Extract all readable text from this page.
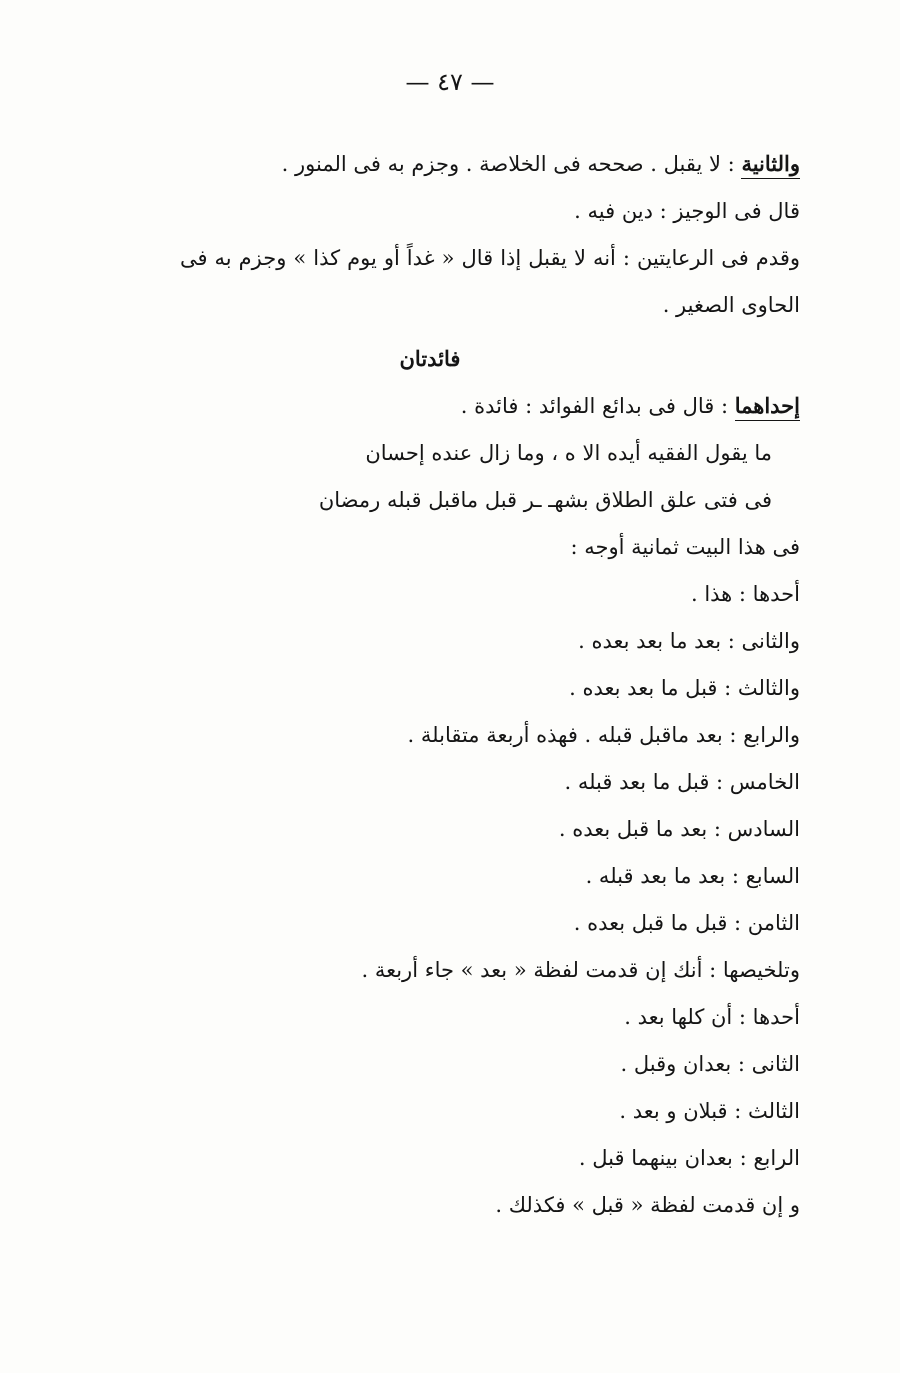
— ٤٧ —

والثانية : لا يقبل . صححه فى الخلاصة . وجزم به فى المنور .

قال فى الوجيز : دين فيه .

وقدم فى الرعايتين : أنه لا يقبل إذا قال « غداً أو يوم كذا » وجزم به فى الحاوى الصغير .

فائدتان

إحداهما : قال فى بدائع الفوائد : فائدة .

ما يقول الفقيه أيده الا ه ، وما زال عنده إحسان

فى فتى علق الطلاق بشهـ ـر قبل ماقبل قبله رمضان

فى هذا البيت ثمانية أوجه :

أحدها : هذا .

والثانى : بعد ما بعد بعده .

والثالث : قبل ما بعد بعده .

والرابع : بعد ماقبل قبله . فهذه أربعة متقابلة .

الخامس : قبل ما بعد قبله .

السادس : بعد ما قبل بعده .

السابع : بعد ما بعد قبله .

الثامن : قبل ما قبل بعده .

وتلخيصها : أنك إن قدمت لفظة « بعد » جاء أربعة .

أحدها : أن كلها بعد .

الثانى : بعدان وقبل .

الثالث : قبلان و بعد .

الرابع : بعدان بينهما قبل .

و إن قدمت لفظة « قبل » فكذلك .
